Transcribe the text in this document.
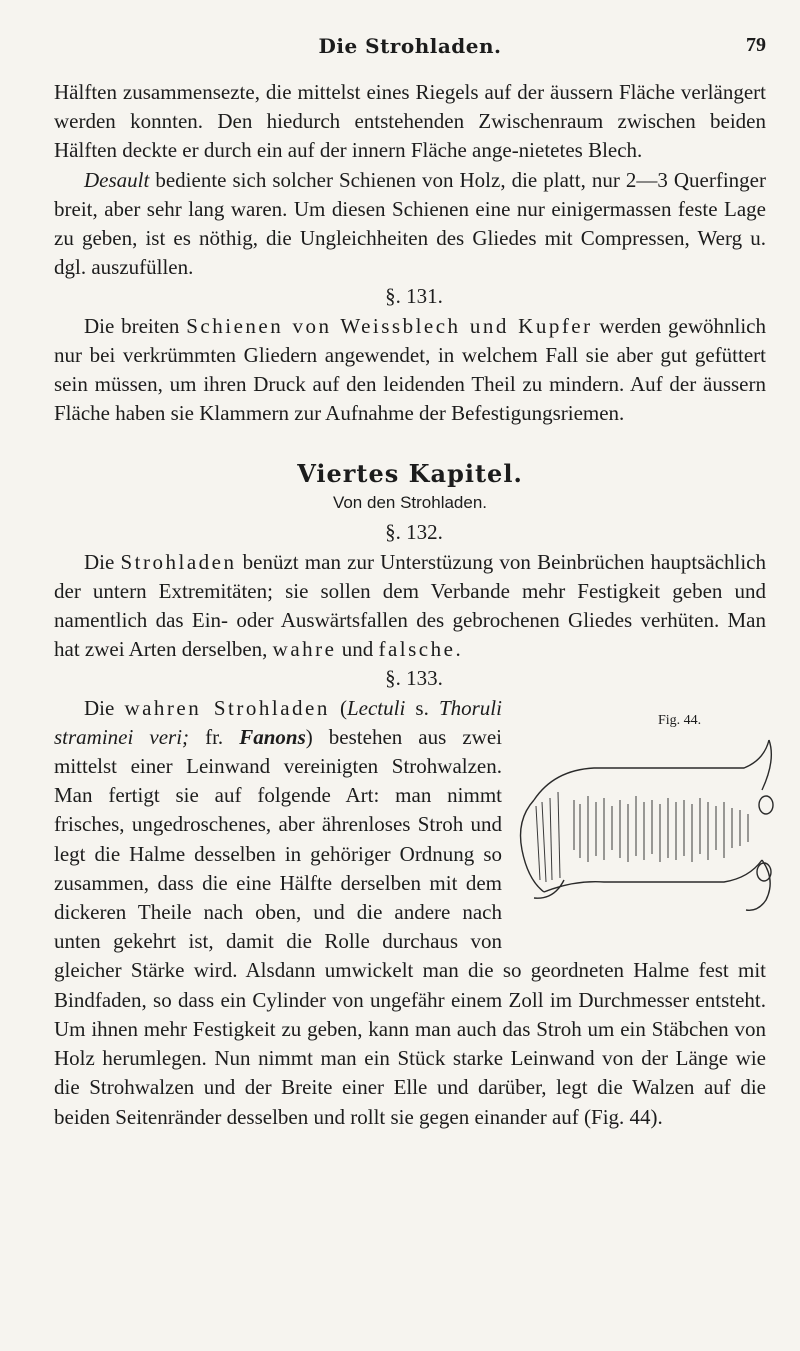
Die Strohladen.	79

Hälften zusammensezte, die mittelst eines Riegels auf der äussern Fläche verlängert werden konnten. Den hiedurch entstehenden Zwischenraum zwischen beiden Hälften deckte er durch ein auf der innern Fläche ange-nietetes Blech.

Desault bediente sich solcher Schienen von Holz, die platt, nur 2—3 Querfinger breit, aber sehr lang waren. Um diesen Schienen eine nur einigermassen feste Lage zu geben, ist es nöthig, die Ungleichheiten des Gliedes mit Compressen, Werg u. dgl. auszufüllen.

§. 131.

Die breiten Schienen von Weissblech und Kupfer werden gewöhnlich nur bei verkrümmten Gliedern angewendet, in welchem Fall sie aber gut gefüttert sein müssen, um ihren Druck auf den leidenden Theil zu mindern. Auf der äussern Fläche haben sie Klammern zur Aufnahme der Befestigungsriemen.

Viertes Kapitel.
Von den Strohladen.
§. 132.

Die Strohladen benüzt man zur Unterstüzung von Beinbrüchen hauptsächlich der untern Extremitäten; sie sollen dem Verbande mehr Festigkeit geben und namentlich das Ein- oder Auswärtsfallen des gebrochenen Gliedes verhüten. Man hat zwei Arten derselben, wahre und falsche.

§. 133.

Fig. 44.
Die wahren Strohladen (Lectuli s. Thoruli straminei veri; fr. Fanons) bestehen aus zwei mittelst einer Leinwand vereinigten Strohwalzen. Man fertigt sie auf folgende Art: man nimmt frisches, ungedroschenes, aber ährenloses Stroh und legt die Halme desselben in gehöriger Ordnung so zusammen, dass die eine Hälfte derselben mit dem dickeren Theile nach oben, und die andere nach unten gekehrt ist, damit die Rolle durchaus von gleicher Stärke wird. Alsdann umwickelt man die so geordneten Halme fest mit Bindfaden, so dass ein Cylinder von ungefähr einem Zoll im Durchmesser entsteht. Um ihnen mehr Festigkeit zu geben, kann man auch das Stroh um ein Stäbchen von Holz herumlegen. Nun nimmt man ein Stück starke Leinwand von der Länge wie die Strohwalzen und der Breite einer Elle und darüber, legt die Walzen auf die beiden Seitenränder desselben und rollt sie gegen einander auf (Fig. 44).
